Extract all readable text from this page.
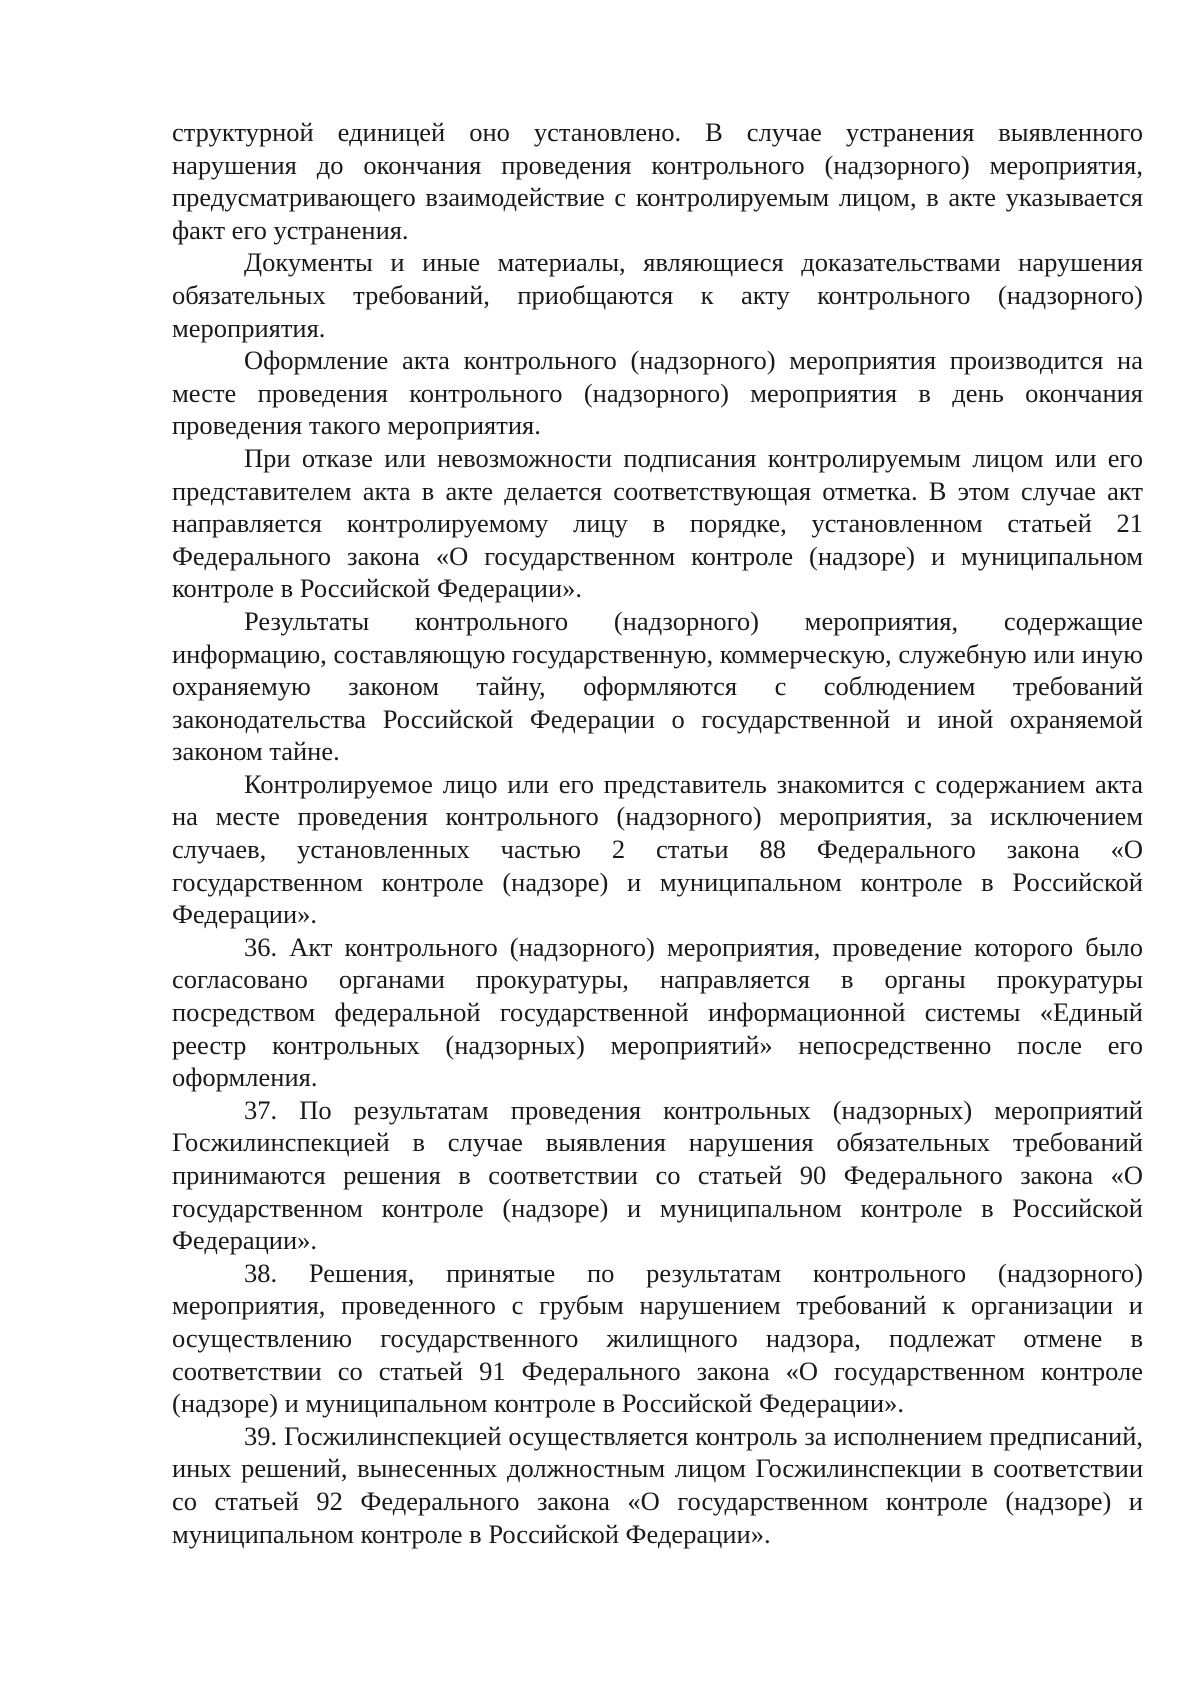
структурной единицей оно установлено. В случае устранения выявленного нарушения до окончания проведения контрольного (надзорного) мероприятия, предусматривающего взаимодействие с контролируемым лицом, в акте указывается факт его устранения.

Документы и иные материалы, являющиеся доказательствами нарушения обязательных требований, приобщаются к акту контрольного (надзорного) мероприятия.

Оформление акта контрольного (надзорного) мероприятия производится на месте проведения контрольного (надзорного) мероприятия в день окончания проведения такого мероприятия.

При отказе или невозможности подписания контролируемым лицом или его представителем акта в акте делается соответствующая отметка. В этом случае акт направляется контролируемому лицу в порядке, установленном статьей 21 Федерального закона «О государственном контроле (надзоре) и муниципальном контроле в Российской Федерации».

Результаты контрольного (надзорного) мероприятия, содержащие информацию, составляющую государственную, коммерческую, служебную или иную охраняемую законом тайну, оформляются с соблюдением требований законодательства Российской Федерации о государственной и иной охраняемой законом тайне.

Контролируемое лицо или его представитель знакомится с содержанием акта на месте проведения контрольного (надзорного) мероприятия, за исключением случаев, установленных частью 2 статьи 88 Федерального закона «О государственном контроле (надзоре) и муниципальном контроле в Российской Федерации».

36. Акт контрольного (надзорного) мероприятия, проведение которого было согласовано органами прокуратуры, направляется в органы прокуратуры посредством федеральной государственной информационной системы «Единый реестр контрольных (надзорных) мероприятий» непосредственно после его оформления.

37. По результатам проведения контрольных (надзорных) мероприятий Госжилинспекцией в случае выявления нарушения обязательных требований принимаются решения в соответствии со статьей 90 Федерального закона «О государственном контроле (надзоре) и муниципальном контроле в Российской Федерации».

38. Решения, принятые по результатам контрольного (надзорного) мероприятия, проведенного с грубым нарушением требований к организации и осуществлению государственного жилищного надзора, подлежат отмене в соответствии со статьей 91 Федерального закона «О государственном контроле (надзоре) и муниципальном контроле в Российской Федерации».

39. Госжилинспекцией осуществляется контроль за исполнением предписаний, иных решений, вынесенных должностным лицом Госжилинспекции в соответствии со статьей 92 Федерального закона «О государственном контроле (надзоре) и муниципальном контроле в Российской Федерации».
